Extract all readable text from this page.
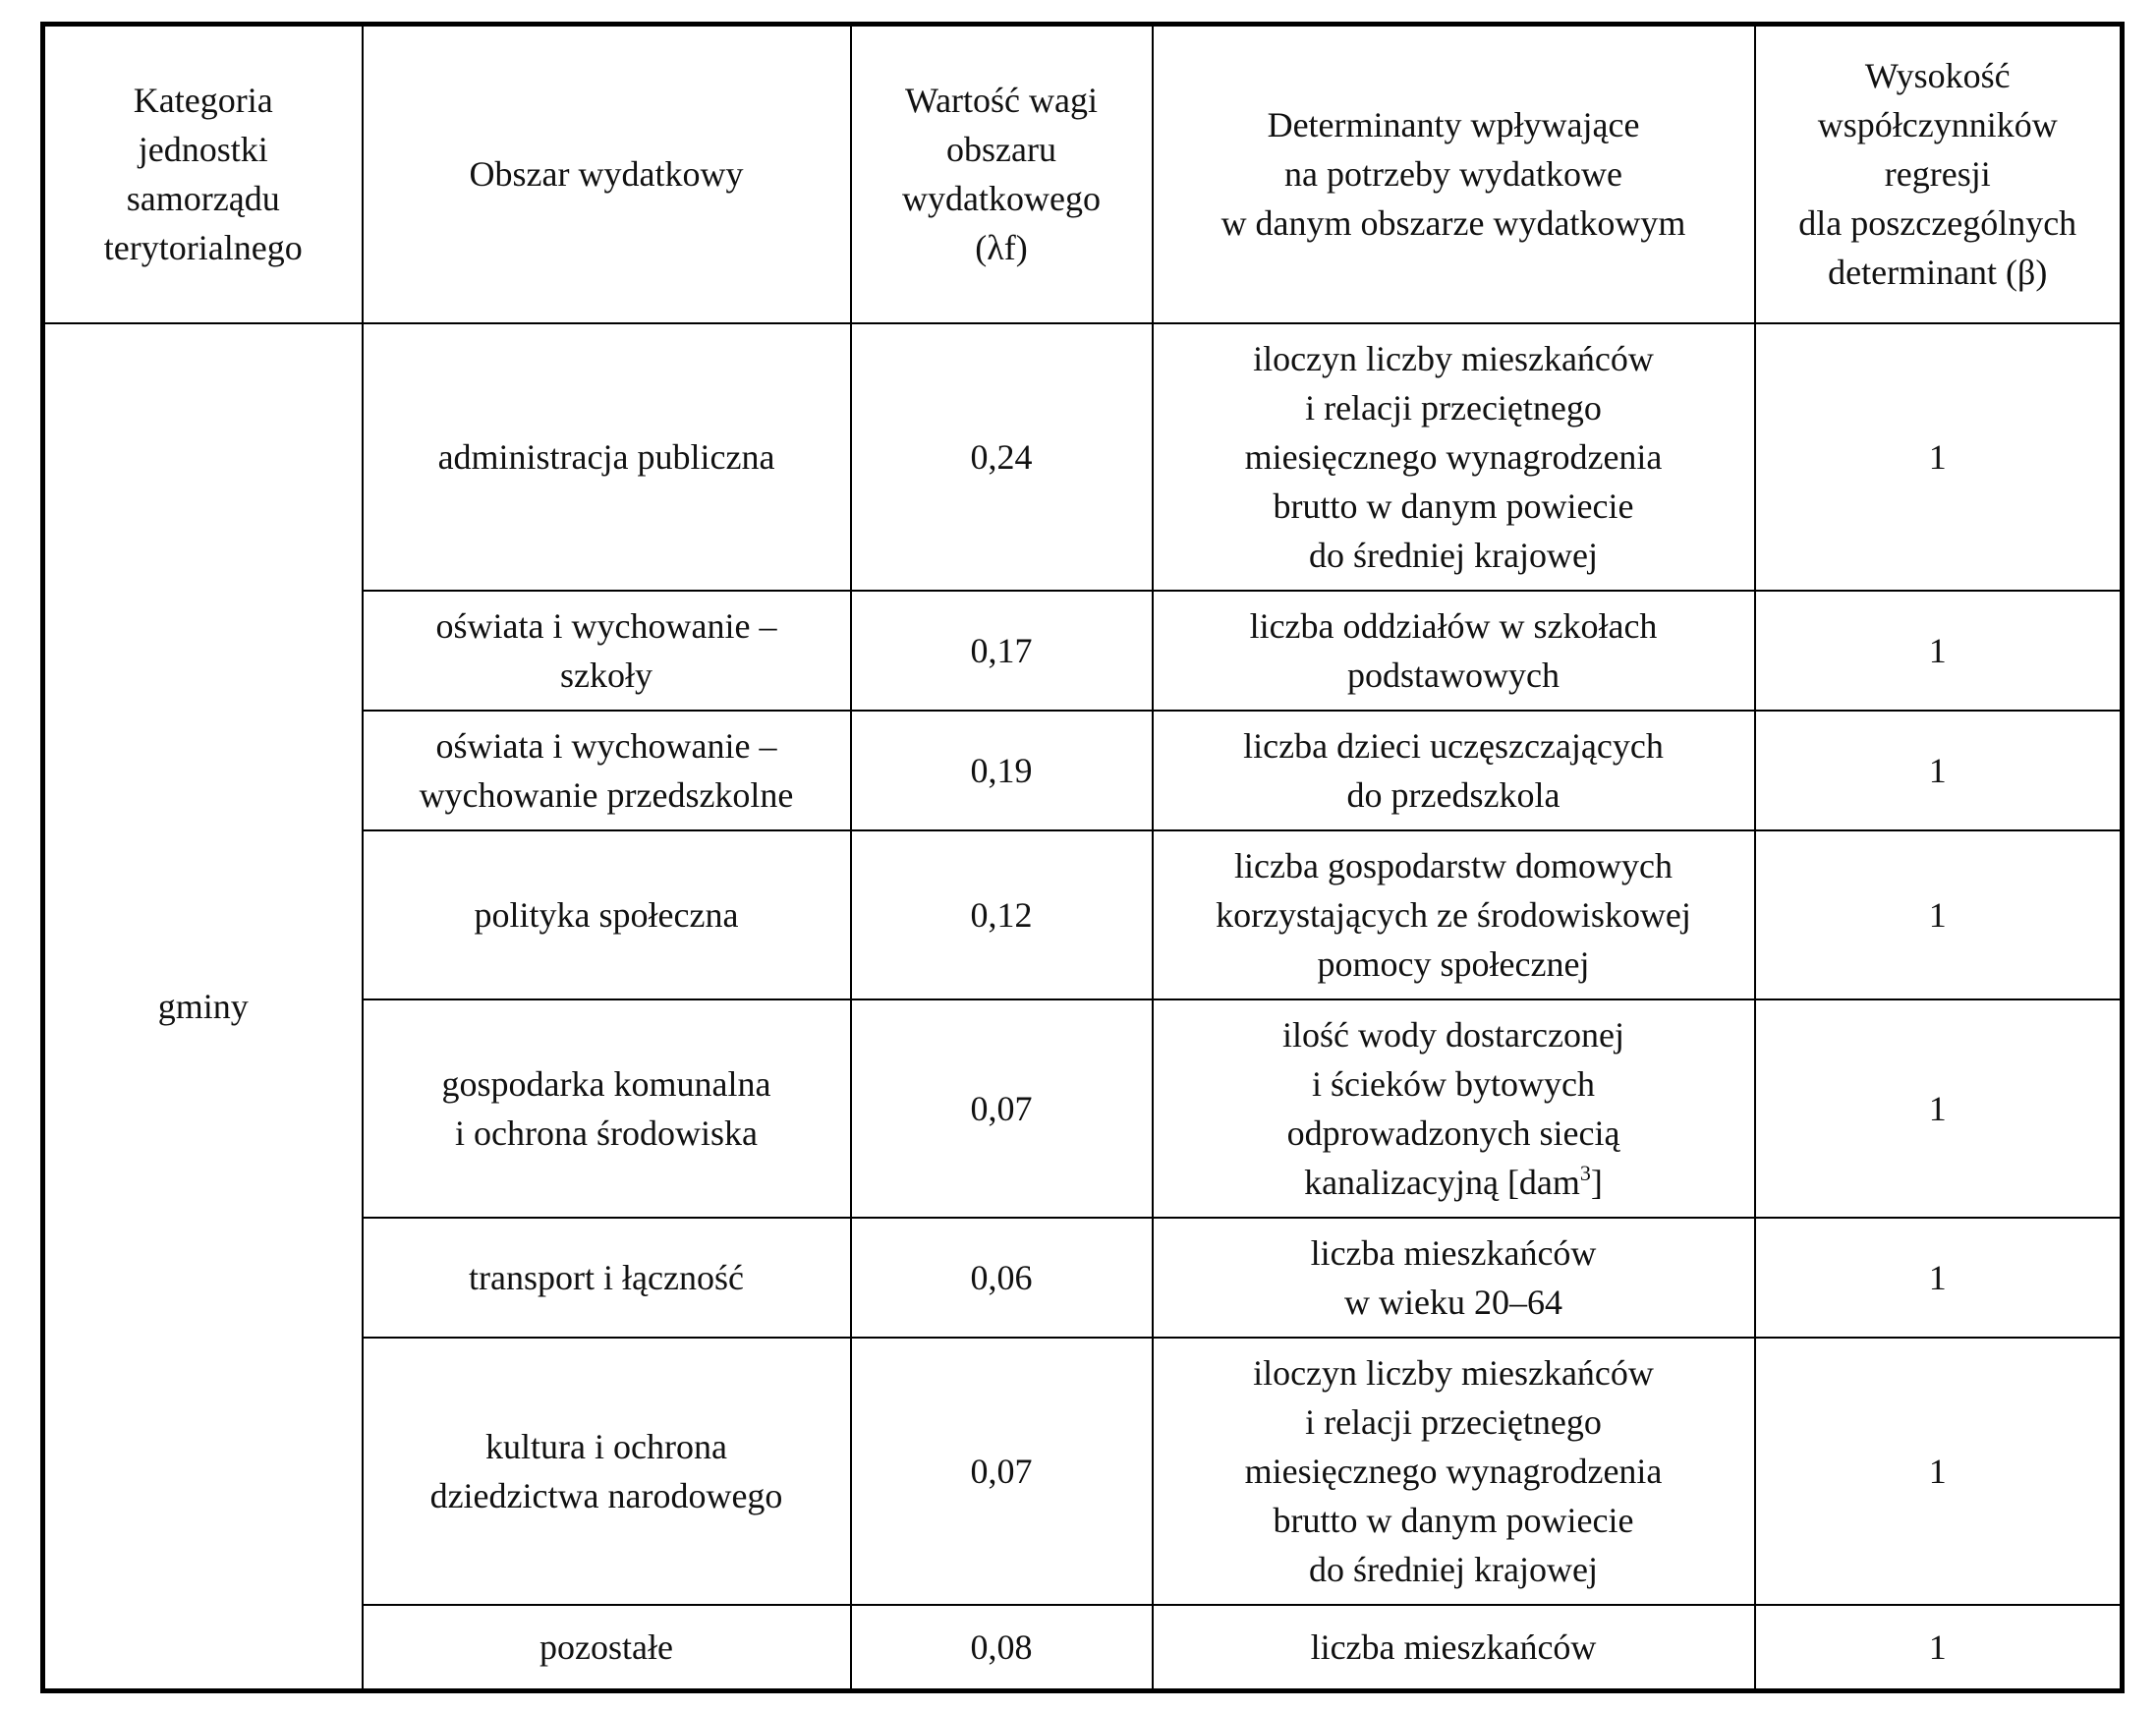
Kategoria
jednostki
samorządu
terytorialnego	Obszar wydatkowy	Wartość wagi
obszaru
wydatkowego
(λf)	Determinanty wpływające
na potrzeby wydatkowe
w danym obszarze wydatkowym	Wysokość
współczynników
regresji
dla poszczególnych
determinant (β)

gminy	administracja publiczna	0,24	iloczyn liczby mieszkańców
i relacji przeciętnego
miesięcznego wynagrodzenia
brutto w danym powiecie
do średniej krajowej	1

	oświata i wychowanie –
szkoły	0,17	liczba oddziałów w szkołach
podstawowych	1

	oświata i wychowanie –
wychowanie przedszkolne	0,19	liczba dzieci uczęszczających
do przedszkola	1

	polityka społeczna	0,12	liczba gospodarstw domowych
korzystających ze środowiskowej
pomocy społecznej	1

	gospodarka komunalna
i ochrona środowiska	0,07	ilość wody dostarczonej
i ścieków bytowych
odprowadzonych siecią
kanalizacyjną [dam$^3$]	1

	transport i łączność	0,06	liczba mieszkańców
w wieku 20–64	1

	kultura i ochrona
dziedzictwa narodowego	0,07	iloczyn liczby mieszkańców
i relacji przeciętnego
miesięcznego wynagrodzenia
brutto w danym powiecie
do średniej krajowej	1

	pozostałe	0,08	liczba mieszkańców	1
